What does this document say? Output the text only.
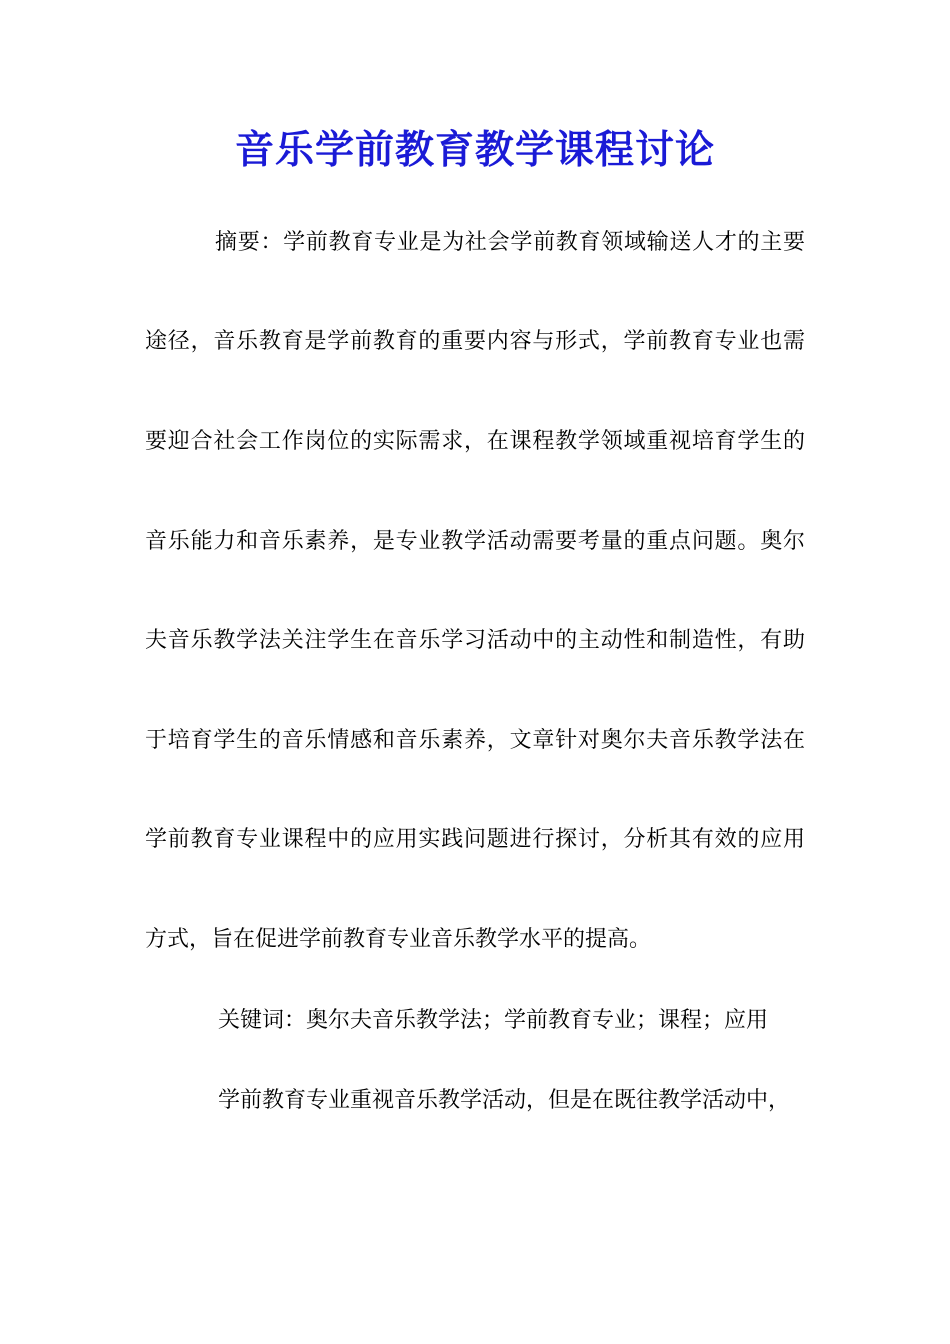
音乐学前教育教学课程讨论
摘要：学前教育专业是为社会学前教育领域输送人才的主要
途径，音乐教育是学前教育的重要内容与形式，学前教育专业也需
要迎合社会工作岗位的实际需求，在课程教学领域重视培育学生的
音乐能力和音乐素养，是专业教学活动需要考量的重点问题。奥尔
夫音乐教学法关注学生在音乐学习活动中的主动性和制造性，有助
于培育学生的音乐情感和音乐素养，文章针对奥尔夫音乐教学法在
学前教育专业课程中的应用实践问题进行探讨，分析其有效的应用
方式，旨在促进学前教育专业音乐教学水平的提高。
关键词：奥尔夫音乐教学法；学前教育专业；课程；应用
学前教育专业重视音乐教学活动，但是在既往教学活动中，
